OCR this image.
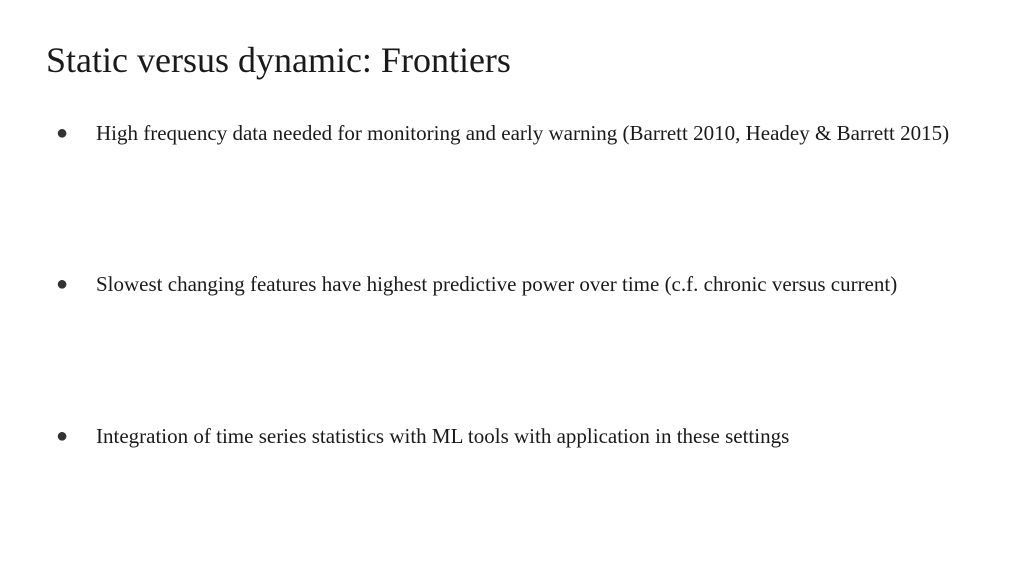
Static versus dynamic: Frontiers
● High frequency data needed for monitoring and early warning (Barrett 2010, Headey & Barrett 2015)
● Slowest changing features have highest predictive power over time (c.f. chronic versus current)
● Integration of time series statistics with ML tools with application in these settings
